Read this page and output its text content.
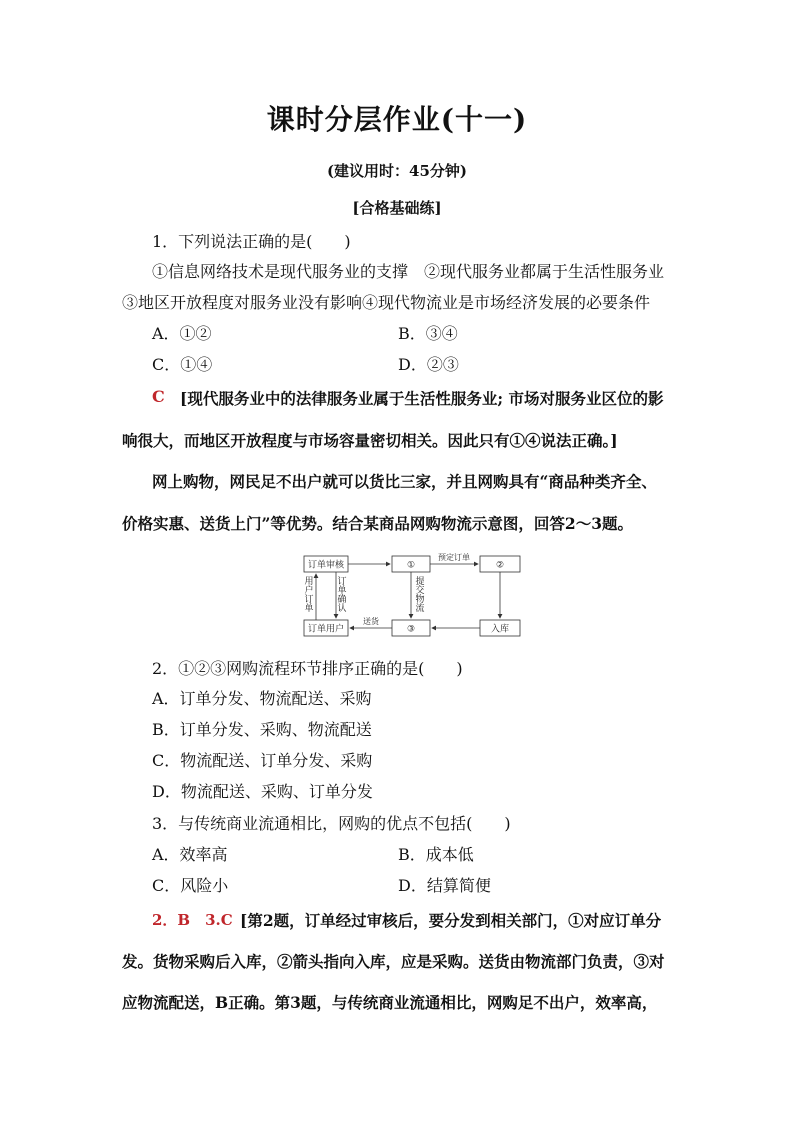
课时分层作业(十一)
(建议用时：45分钟)
[合格基础练]
1．下列说法正确的是(　　)
①信息网络技术是现代服务业的支撑　②现代服务业都属于生活性服务业
③地区开放程度对服务业没有影响④现代物流业是市场经济发展的必要条件
A．①②	B．③④
C．①④	D．②③
C [现代服务业中的法律服务业属于生活性服务业; 市场对服务业区位的影
响很大，而地区开放程度与市场容量密切相关。因此只有①④说法正确。]
网上购物，网民足不出户就可以货比三家，并且网购具有“商品种类齐全、
价格实惠、送货上门”等优势。结合某商品网购物流示意图，回答2～3题。
订单审核	①	②
订单用户	③	入库
预定订单
送货
用
户
订
单
订
单
确
认
提
交
物
流
2．①②③网购流程环节排序正确的是(　　)
A．订单分发、物流配送、采购
B．订单分发、采购、物流配送
C．物流配送、订单分发、采购
D．物流配送、采购、订单分发
3．与传统商业流通相比，网购的优点不包括(　　)
A．效率高	B．成本低
C．风险小	D．结算简便
2．B　3.C [第2题，订单经过审核后，要分发到相关部门，①对应订单分
发。货物采购后入库，②箭头指向入库，应是采购。送货由物流部门负责，③对
应物流配送，B正确。第3题，与传统商业流通相比，网购足不出户，效率高，
